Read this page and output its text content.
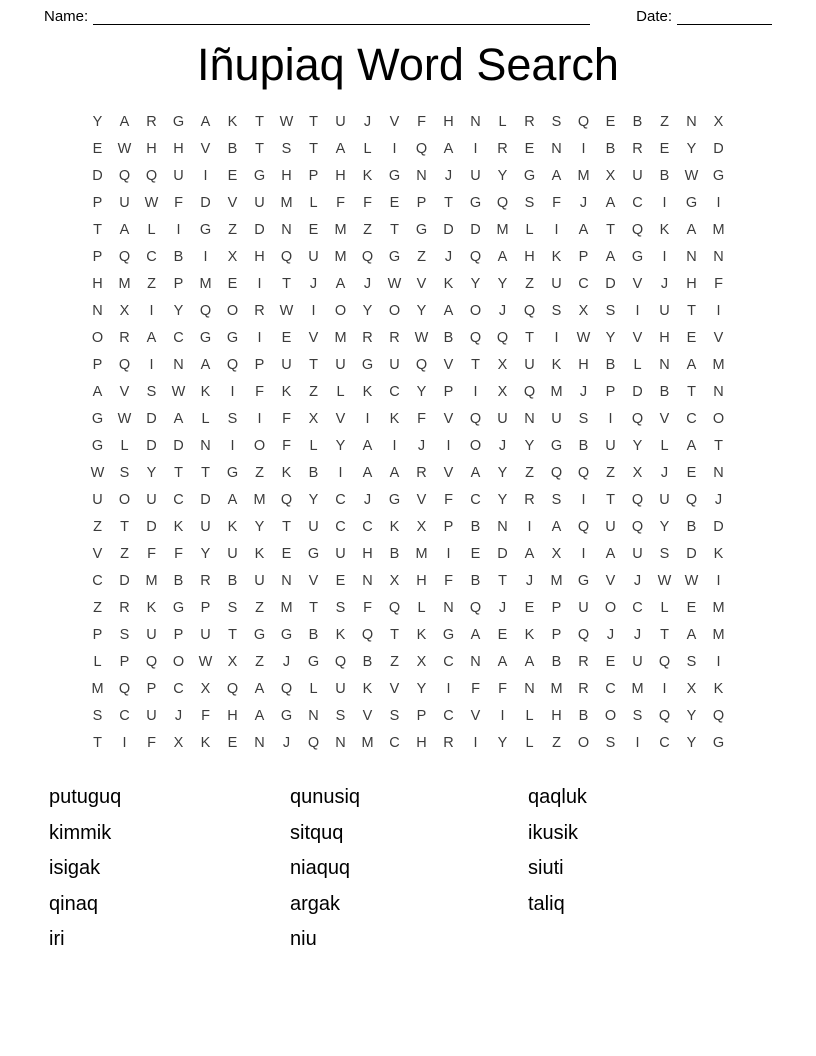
Name:	Date:
Iñupiaq Word Search
Y	A	R	G	A	K	T	W	T	U	J	V	F	H	N	L	R	S	Q	E	B	Z	N	X
E	W	H	H	V	B	T	S	T	A	L	I	Q	A	I	R	E	N	I	B	R	E	Y	D
D	Q	Q	U	I	E	G	H	P	H	K	G	N	J	U	Y	G	A	M	X	U	B	W	G
P	U	W	F	D	V	U	M	L	F	F	E	P	T	G	Q	S	F	J	A	C	I	G	I
T	A	L	I	G	Z	D	N	E	M	Z	T	G	D	D	M	L	I	A	T	Q	K	A	M
P	Q	C	B	I	X	H	Q	U	M	Q	G	Z	J	Q	A	H	K	P	A	G	I	N	N
H	M	Z	P	M	E	I	T	J	A	J	W	V	K	Y	Y	Z	U	C	D	V	J	H	F
N	X	I	Y	Q	O	R	W	I	O	Y	O	Y	A	O	J	Q	S	X	S	I	U	T	I
O	R	A	C	G	G	I	E	V	M	R	R	W	B	Q	Q	T	I	W	Y	V	H	E	V
P	Q	I	N	A	Q	P	U	T	U	G	U	Q	V	T	X	U	K	H	B	L	N	A	M
A	V	S	W	K	I	F	K	Z	L	K	C	Y	P	I	X	Q	M	J	P	D	B	T	N
G	W	D	A	L	S	I	F	X	V	I	K	F	V	Q	U	N	U	S	I	Q	V	C	O
G	L	D	D	N	I	O	F	L	Y	A	I	J	I	O	J	Y	G	B	U	Y	L	A	T
W	S	Y	T	T	G	Z	K	B	I	A	A	R	V	A	Y	Z	Q	Q	Z	X	J	E	N
U	O	U	C	D	A	M	Q	Y	C	J	G	V	F	C	Y	R	S	I	T	Q	U	Q	J
Z	T	D	K	U	K	Y	T	U	C	C	K	X	P	B	N	I	A	Q	U	Q	Y	B	D
V	Z	F	F	Y	U	K	E	G	U	H	B	M	I	E	D	A	X	I	A	U	S	D	K
C	D	M	B	R	B	U	N	V	E	N	X	H	F	B	T	J	M	G	V	J	W W	I
Z	R	K	G	P	S	Z	M	T	S	F	Q	L	N	Q	J	E	P	U	O	C	L	E	M
P	S	U	P	U	T	G	G	B	K	Q	T	K	G	A	E	K	P	Q	J	J	T	A	M
L	P	Q	O	W	X	Z	J	G	Q	B	Z	X	C	N	A	A	B	R	E	U	Q	S	I
M	Q	P	C	X	Q	A	Q	L	U	K	V	Y	I	F	F	N	M	R	C	M	I	X	K
S	C	U	J	F	H	A	G	N	S	V	S	P	C	V	I	L	H	B	O	S	Q	Y	Q
T	I	F	X	K	E	N	J	Q	N	M	C	H	R	I	Y	L	Z	O	S	I	C	Y	G
putuguq
kimmik
isigak
qinaq
iri
qunusiq
sitquq
niaquq
argak
niu
qaqluk
ikusik
siuti
taliq
